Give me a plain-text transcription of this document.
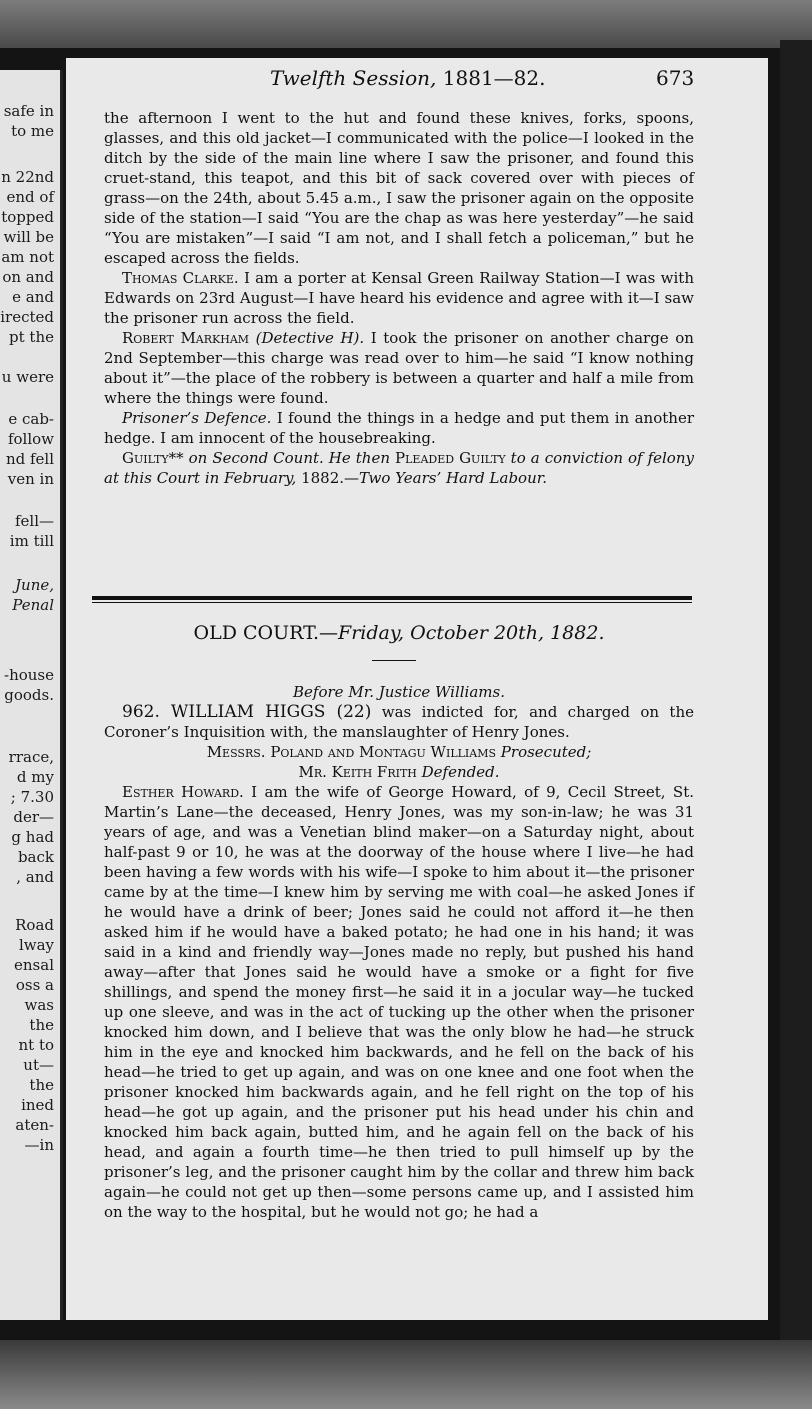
safe in
to me
n 22nd
end of
topped
will be
am not
on and
e and
irected
pt the
u were
e cab-
follow
nd fell
ven in
fell—
im till
June,
Penal
-house
goods.
rrace,
d my
; 7.30
der—
g had
back
, and
Road
lway
ensal
oss a
was
the
nt to
ut—
the
ined
aten-
—in
Twelfth Session, 1881—82.	673

the afternoon I went to the hut and found these knives, forks, spoons, glasses, and this old jacket—I communicated with the police—I looked in the ditch by the side of the main line where I saw the prisoner, and found this cruet-stand, this teapot, and this bit of sack covered over with pieces of grass—on the 24th, about 5.45 a.m., I saw the prisoner again on the opposite side of the station—I said “You are the chap as was here yesterday”—he said “You are mistaken”—I said “I am not, and I shall fetch a policeman,” but he escaped across the fields.

Thomas Clarke. I am a porter at Kensal Green Railway Station—I was with Edwards on 23rd August—I have heard his evidence and agree with it—I saw the prisoner run across the field.

Robert Markham (Detective H). I took the prisoner on another charge on 2nd September—this charge was read over to him—he said “I know nothing about it”—the place of the robbery is between a quarter and half a mile from where the things were found.

Prisoner’s Defence. I found the things in a hedge and put them in another hedge. I am innocent of the housebreaking.

Guilty** on Second Count. He then Pleaded Guilty to a conviction of felony at this Court in February, 1882.—Two Years’ Hard Labour.

OLD COURT.—Friday, October 20th, 1882.

Before Mr. Justice Williams.

962. WILLIAM HIGGS (22) was indicted for, and charged on the Coroner’s Inquisition with, the manslaughter of Henry Jones.

Messrs. Poland and Montagu Williams Prosecuted;

Mr. Keith Frith Defended.

Esther Howard. I am the wife of George Howard, of 9, Cecil Street, St. Martin’s Lane—the deceased, Henry Jones, was my son-in-law; he was 31 years of age, and was a Venetian blind maker—on a Saturday night, about half-past 9 or 10, he was at the doorway of the house where I live—he had been having a few words with his wife—I spoke to him about it—the prisoner came by at the time—I knew him by serving me with coal—he asked Jones if he would have a drink of beer; Jones said he could not afford it—he then asked him if he would have a baked potato; he had one in his hand; it was said in a kind and friendly way—Jones made no reply, but pushed his hand away—after that Jones said he would have a smoke or a fight for five shillings, and spend the money first—he said it in a jocular way—he tucked up one sleeve, and was in the act of tucking up the other when the prisoner knocked him down, and I believe that was the only blow he had—he struck him in the eye and knocked him backwards, and he fell on the back of his head—he tried to get up again, and was on one knee and one foot when the prisoner knocked him backwards again, and he fell right on the top of his head—he got up again, and the prisoner put his head under his chin and knocked him back again, butted him, and he again fell on the back of his head, and again a fourth time—he then tried to pull himself up by the prisoner’s leg, and the prisoner caught him by the collar and threw him back again—he could not get up then—some persons came up, and I assisted him on the way to the hospital, but he would not go; he had a
